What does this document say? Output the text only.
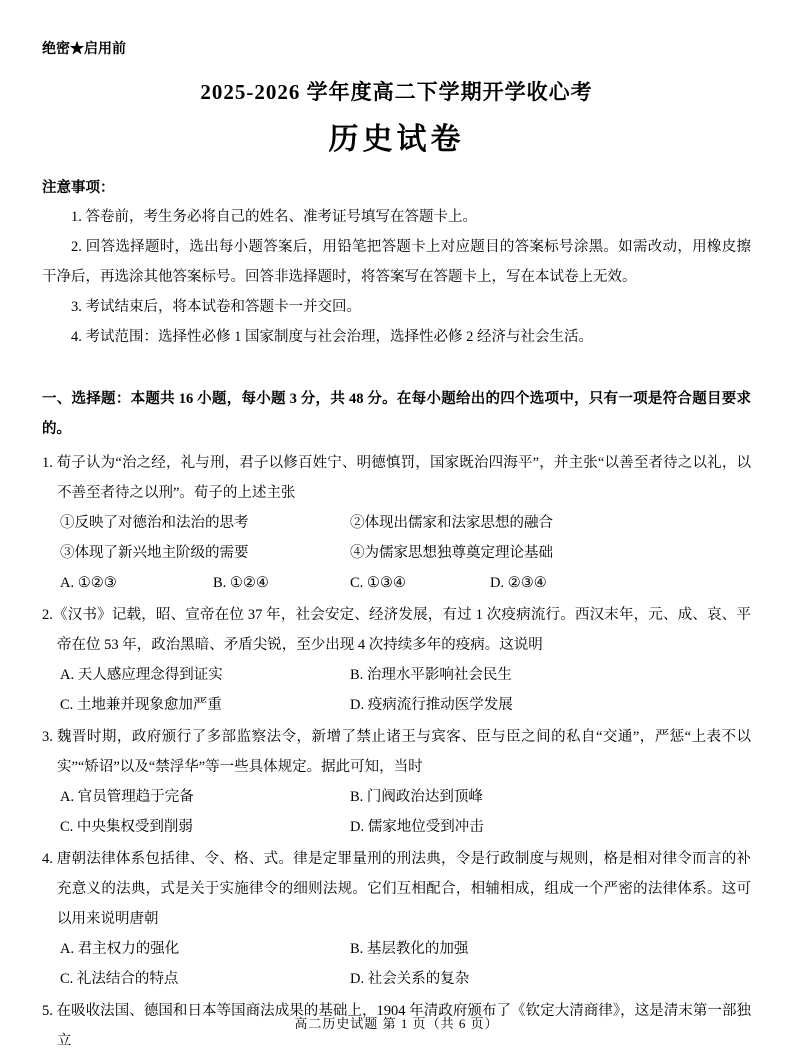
绝密★启用前
2025-2026 学年度高二下学期开学收心考
历史试卷
注意事项：

1. 答卷前，考生务必将自己的姓名、准考证号填写在答题卡上。

2. 回答选择题时，选出每小题答案后，用铅笔把答题卡上对应题目的答案标号涂黑。如需改动，用橡皮擦干净后，再选涂其他答案标号。回答非选择题时，将答案写在答题卡上，写在本试卷上无效。

3. 考试结束后，将本试卷和答题卡一并交回。

4. 考试范围：选择性必修 1 国家制度与社会治理，选择性必修 2 经济与社会生活。

一、选择题：本题共 16 小题，每小题 3 分，共 48 分。在每小题给出的四个选项中，只有一项是符合题目要求的。

1. 荀子认为“治之经，礼与刑，君子以修百姓宁、明德慎罚，国家既治四海平”，并主张“以善至者待之以礼，以不善至者待之以刑”。荀子的上述主张

①反映了对德治和法治的思考	②体现出儒家和法家思想的融合
③体现了新兴地主阶级的需要	④为儒家思想独尊奠定理论基础
A. ①②③	B. ①②④	C. ①③④	D. ②③④

2.《汉书》记载，昭、宣帝在位 37 年，社会安定、经济发展，有过 1 次疫病流行。西汉末年，元、成、哀、平帝在位 53 年，政治黑暗、矛盾尖锐，至少出现 4 次持续多年的疫病。这说明

A. 天人感应理念得到证实	B. 治理水平影响社会民生
C. 土地兼并现象愈加严重	D. 疫病流行推动医学发展

3. 魏晋时期，政府颁行了多部监察法令，新增了禁止诸王与宾客、臣与臣之间的私自“交通”，严惩“上表不以实”“矫诏”以及“禁浮华”等一些具体规定。据此可知，当时

A. 官员管理趋于完备	B. 门阀政治达到顶峰
C. 中央集权受到削弱	D. 儒家地位受到冲击

4. 唐朝法律体系包括律、令、格、式。律是定罪量刑的刑法典，令是行政制度与规则，格是相对律令而言的补充意义的法典，式是关于实施律令的细则法规。它们互相配合，相辅相成，组成一个严密的法律体系。这可以用来说明唐朝

A. 君主权力的强化	B. 基层教化的加强
C. 礼法结合的特点	D. 社会关系的复杂

5. 在吸收法国、德国和日本等国商法成果的基础上，1904 年清政府颁布了《钦定大清商律》，这是清末第一部独立

高二历史试题 第 1 页（共 6 页）
